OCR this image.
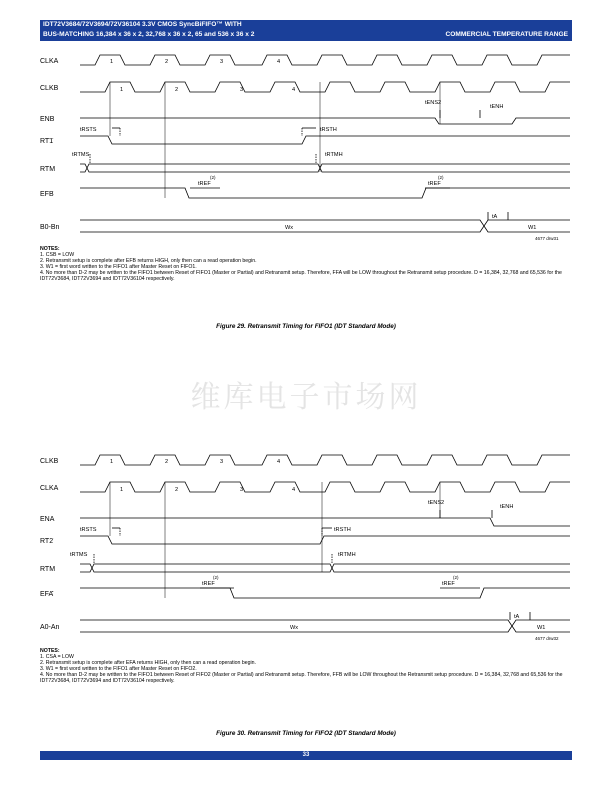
IDT72V3684/72V3694/72V36104 3.3V CMOS SyncBiFIFO™ WITH
BUS-MATCHING 16,384 x 36 x 2, 32,768 x 36 x 2, 65 and 536 x 36 x 2	COMMERCIAL TEMPERATURE RANGE
CLKA
CLKB
ENB
RT1
RTM
EFB
B0-Bn
1	2	3	4
1	2	3	4
tRSTS	tRSTH
tRTMS	tRTMH
tREF
(2)
tREF
(2)
tENS2
tENH
tA
Wx	W1
4677 drw31
NOTES:
1. CSB = LOW
2. Retransmit setup is complete after EFB returns HIGH, only then can a read operation begin.
3. W1 = first word written to the FIFO1 after Master Reset on FIFO1.
4. No more than D-2 may be written to the FIFO1 between Reset of FIFO1 (Master or Partial) and Retransmit setup. Therefore, FFA will be LOW throughout the Retransmit setup procedure. D = 16,384, 32,768 and 65,536 for the IDT72V3684, IDT72V3694 and IDT72V36104 respectively.
Figure 29. Retransmit Timing for FIFO1 (IDT Standard Mode)
维库电子市场网
CLKB
CLKA
ENA
RT2
RTM
EFA
A0-An
1	2	3	4
1	2	3	4
tRSTS	tRSTH
tRTMS	tRTMH
tREF
(2)
tREF
(2)
tENS2
tENH
tA
Wx	W1
4677 drw32
NOTES:
1. CSA = LOW
2. Retransmit setup is complete after EFA returns HIGH, only then can a read operation begin.
3. W1 = first word written to the FIFO1 after Master Reset on FIFO2.
4. No more than D-2 may be written to the FIFO1 between Reset of FIFO2 (Master or Partial) and Retransmit setup. Therefore, FFB will be LOW throughout the Retransmit setup procedure. D = 16,384, 32,768 and 65,536 for the IDT72V3684, IDT72V3694 and IDT72V36104 respectively.
Figure 30. Retransmit Timing for FIFO2 (IDT Standard Mode)
33
